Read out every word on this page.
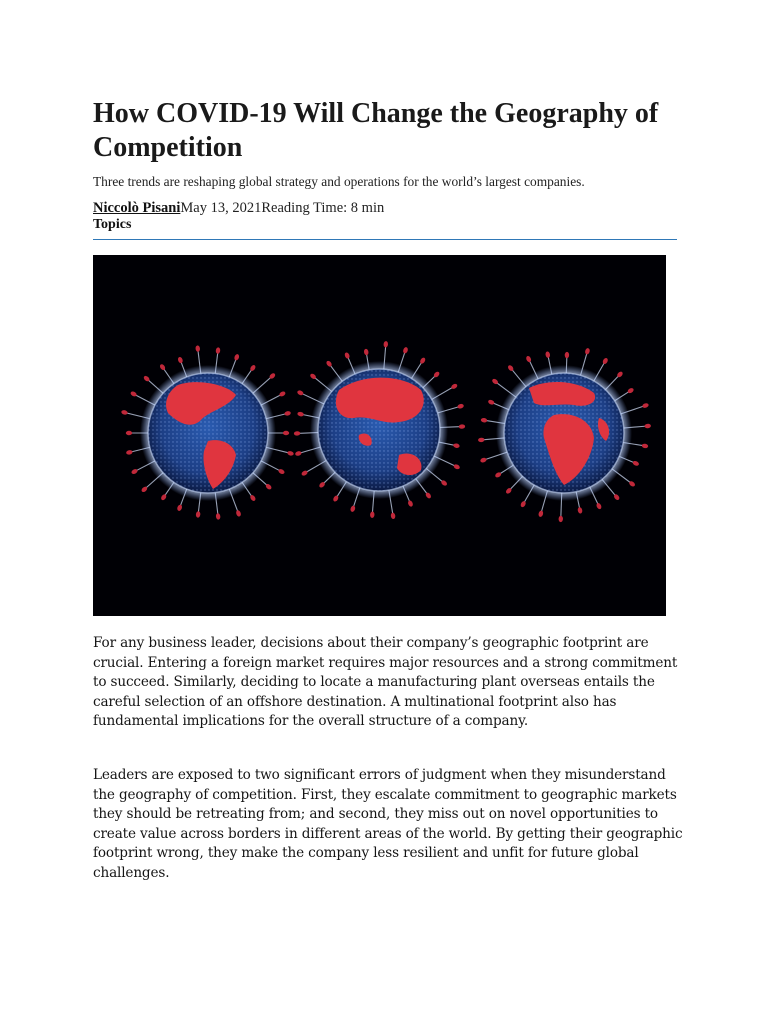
How COVID-19 Will Change the Geography of Competition
Three trends are reshaping global strategy and operations for the world’s largest companies.
Niccolò PisaniMay 13, 2021Reading Time: 8 min
Topics

For any business leader, decisions about their company’s geographic footprint are crucial. Entering a foreign market requires major resources and a strong commitment to succeed. Similarly, deciding to locate a manufacturing plant overseas entails the careful selection of an offshore destination. A multinational footprint also has fundamental implications for the overall structure of a company.

Leaders are exposed to two significant errors of judgment when they misunderstand the geography of competition. First, they escalate commitment to geographic markets they should be retreating from; and second, they miss out on novel opportunities to create value across borders in different areas of the world. By getting their geographic footprint wrong, they make the company less resilient and unfit for future global challenges.
